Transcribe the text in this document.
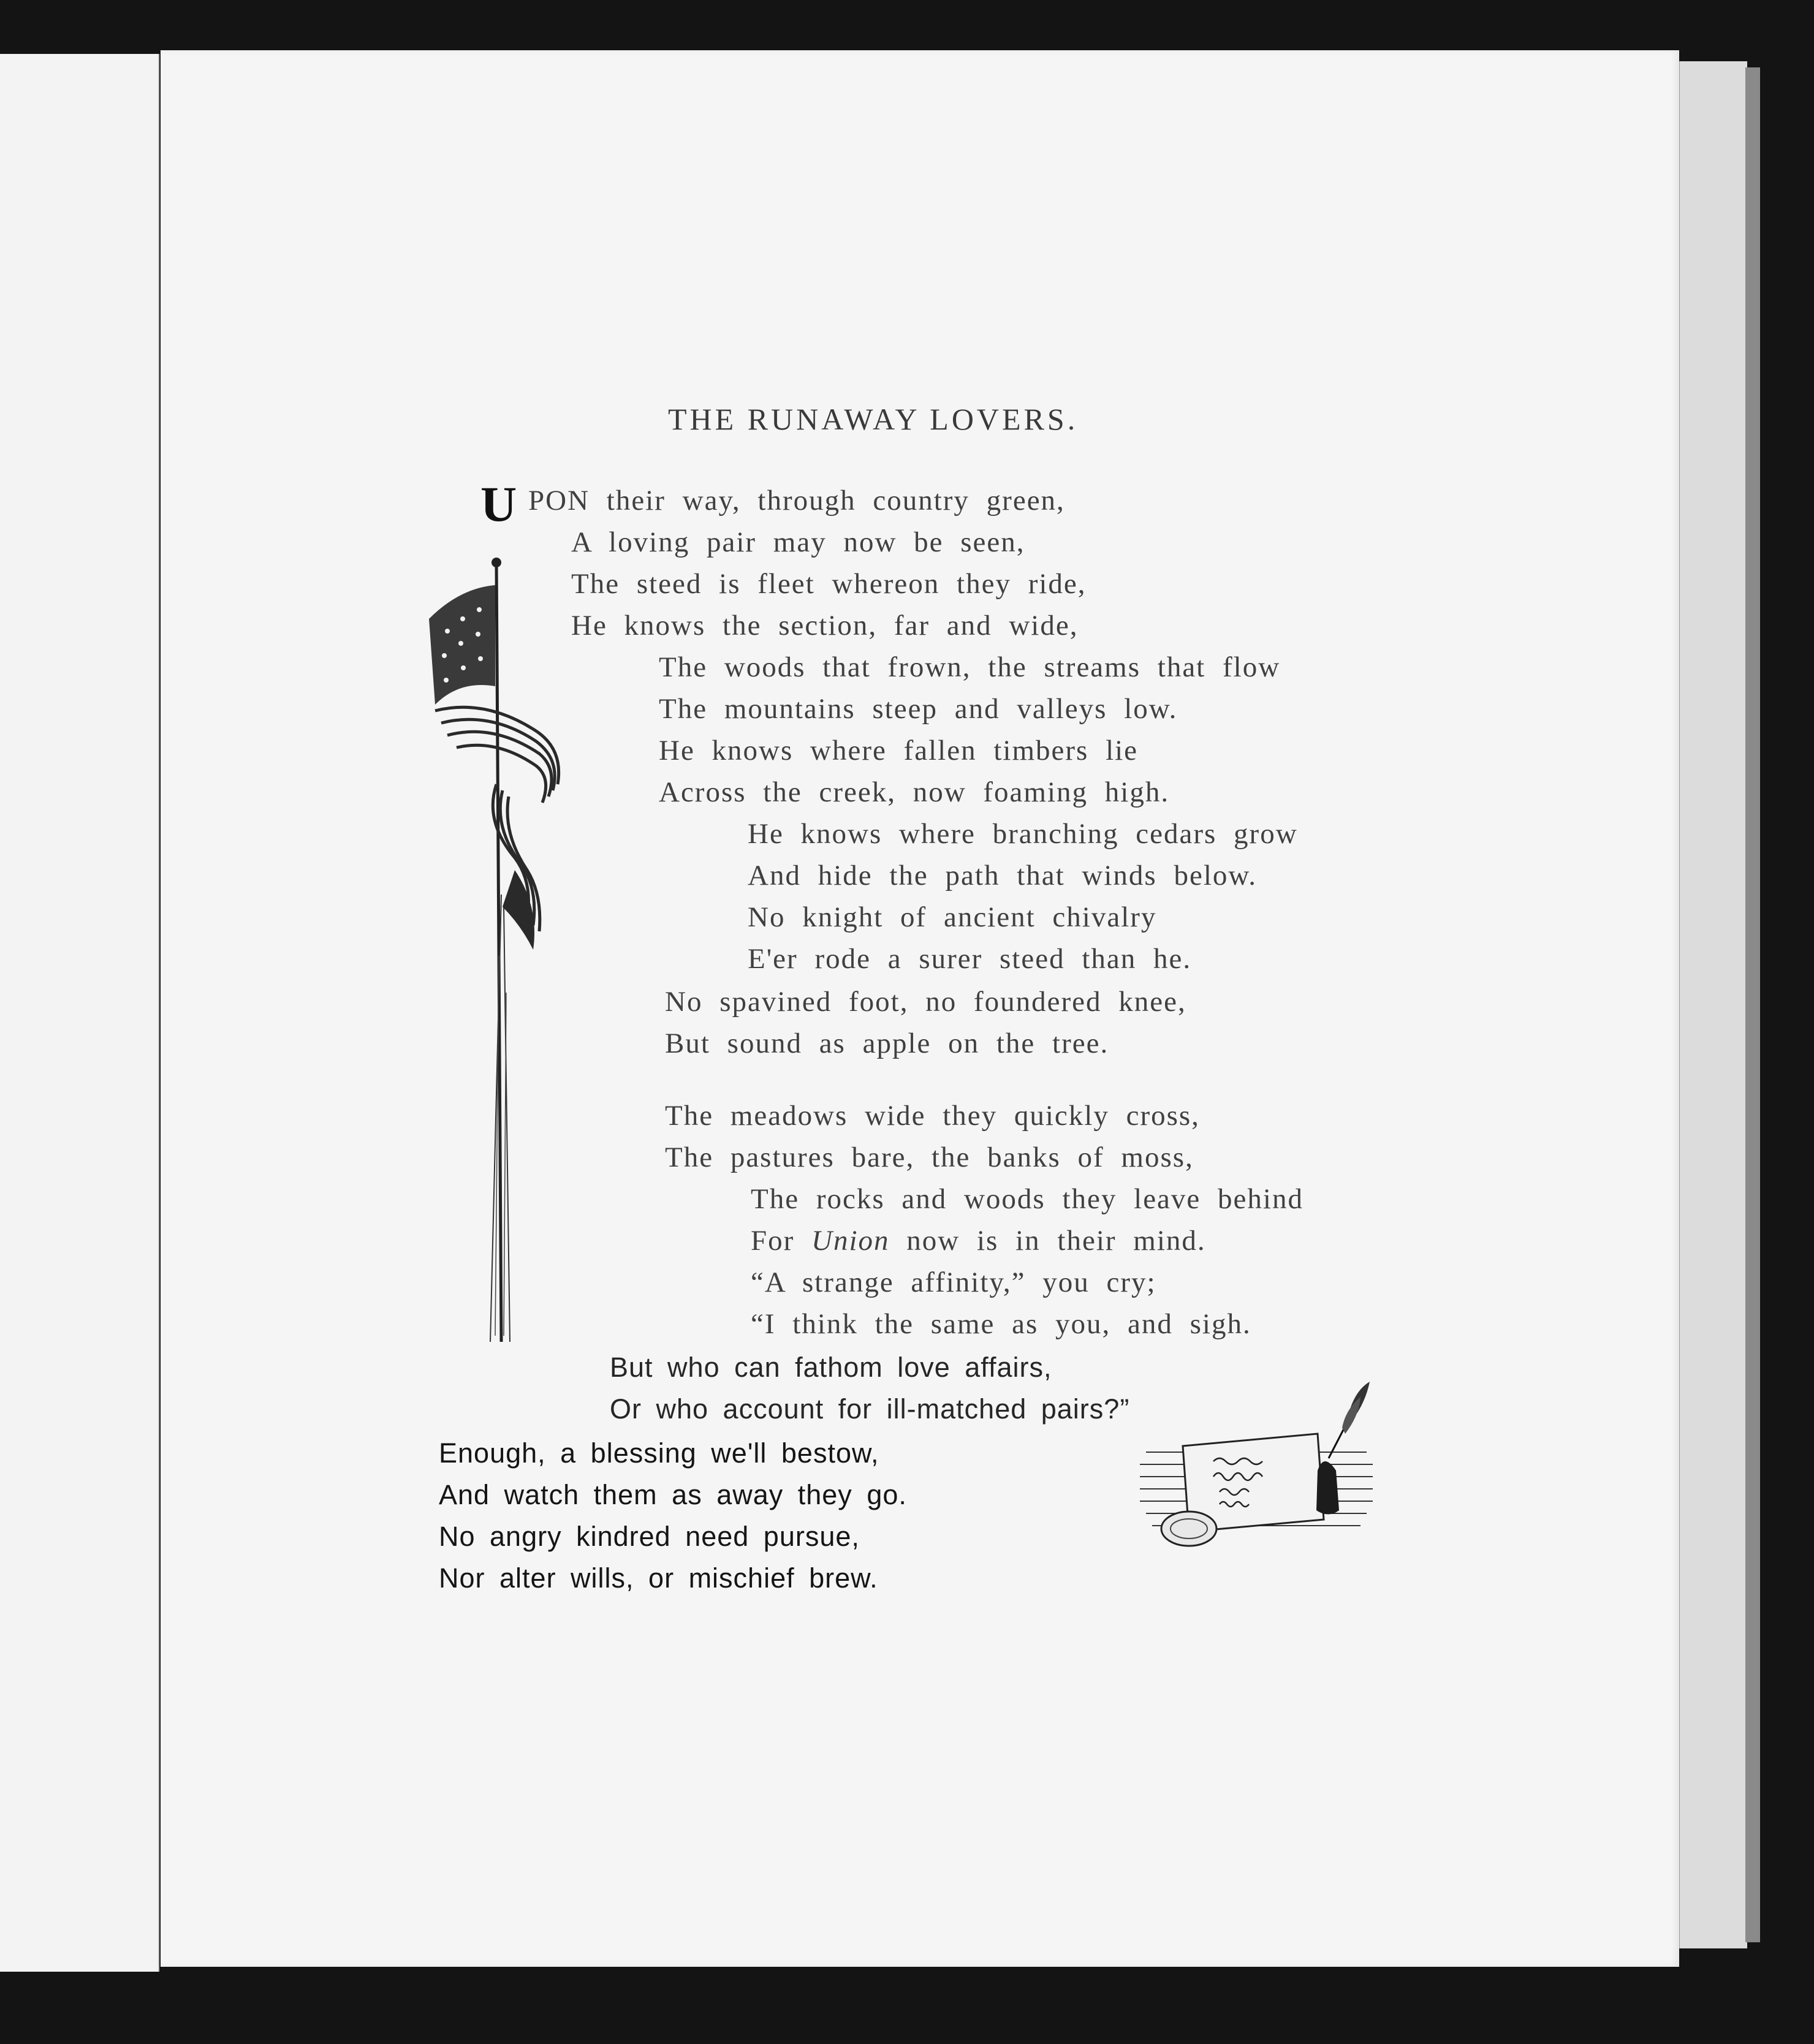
THE RUNAWAY LOVERS.
U PON their way, through country green,
A loving pair may now be seen,
The steed is fleet whereon they ride,
He knows the section, far and wide,
The woods that frown, the streams that flow
The mountains steep and valleys low.
He knows where fallen timbers lie
Across the creek, now foaming high.
He knows where branching cedars grow
And hide the path that winds below.
No knight of ancient chivalry
E'er rode a surer steed than he.
No spavined foot, no foundered knee,
But sound as apple on the tree.
The meadows wide they quickly cross,
The pastures bare, the banks of moss,
The rocks and woods they leave behind
For Union now is in their mind.
“A strange affinity,” you cry;
“I think the same as you, and sigh.
But who can fathom love affairs,
Or who account for ill-matched pairs?”
Enough, a blessing we'll bestow,
And watch them as away they go.
No angry kindred need pursue,
Nor alter wills, or mischief brew.
